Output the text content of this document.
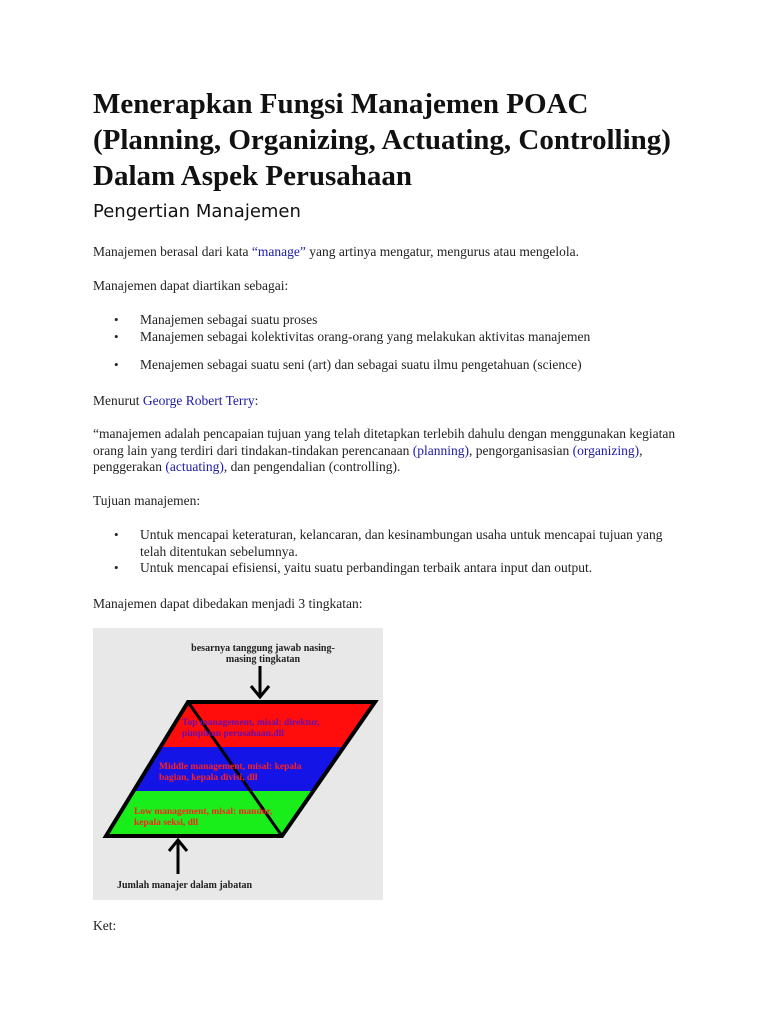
Menerapkan Fungsi Manajemen POAC (Planning, Organizing, Actuating, Controlling) Dalam Aspek Perusahaan
Pengertian Manajemen

Manajemen berasal dari kata “manage” yang artinya mengatur, mengurus atau mengelola.

Manajemen dapat diartikan sebagai:

• Manajemen sebagai suatu proses
• Manajemen sebagai kolektivitas orang-orang yang melakukan aktivitas manajemen
• Menajemen sebagai suatu seni (art) dan sebagai suatu ilmu pengetahuan (science)

Menurut George Robert Terry:

“manajemen adalah pencapaian tujuan yang telah ditetapkan terlebih dahulu dengan menggunakan kegiatan orang lain yang terdiri dari tindakan-tindakan perencanaan (planning), pengorganisasian (organizing), penggerakan (actuating), dan pengendalian (controlling).

Tujuan manajemen:

• Untuk mencapai keteraturan, kelancaran, dan kesinambungan usaha untuk mencapai tujuan yang telah ditentukan sebelumnya.
• Untuk mencapai efisiensi, yaitu suatu perbandingan terbaik antara input dan output.

Manajemen dapat dibedakan menjadi 3 tingkatan:

Ket:

besarnya tanggung jawab nasing-
masing tingkatan
Top management, misal: direktur,
pimpinan perusahaan,dll
Middle management, misal: kepala
bagian, kepala divisi, dll
Low management, misal: mandor,
kepala seksi, dll
Jumlah manajer dalam jabatan
